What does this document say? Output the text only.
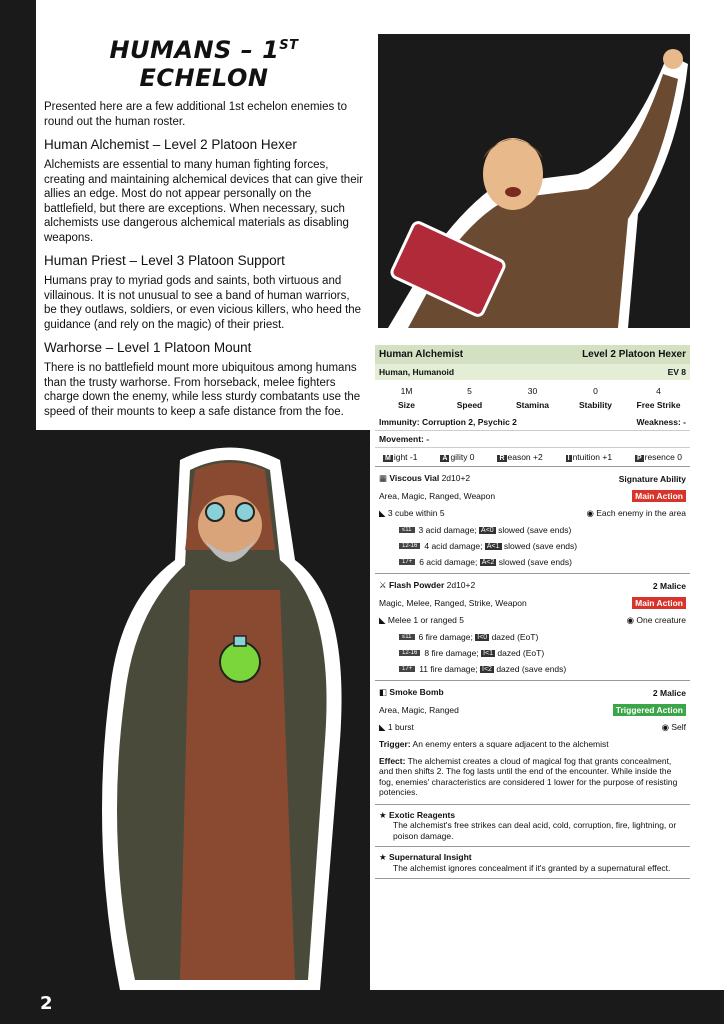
2
HUMANS – 1ST ECHELON

Presented here are a few additional 1st echelon enemies to round out the human roster.

Human Alchemist – Level 2 Platoon Hexer

Alchemists are essential to many human fighting forces, creating and maintaining alchemical devices that can give their allies an edge. Most do not appear personally on the battlefield, but there are exceptions. When necessary, such alchemists use dangerous alchemical materials as disabling weapons.

Human Priest – Level 3 Platoon Support

Humans pray to myriad gods and saints, both virtuous and villainous. It is not unusual to see a band of human warriors, be they outlaws, soldiers, or even vicious killers, who heed the guidance (and rely on the magic) of their priest.

Warhorse – Level 1 Platoon Mount

There is no battlefield mount more ubiquitous among humans than the trusty warhorse. From horseback, melee fighters charge down the enemy, while less sturdy combatants use the speed of their mounts to keep a safe distance from the foe.

Human Alchemist	Level 2 Platoon Hexer
Human, Humanoid	EV 8
1M	5	30	0	4
Size	Speed	Stamina	Stability	Free Strike
Immunity: Corruption 2, Psychic 2	Weakness: -
Movement: -
M ight -1	A gility 0	R eason +2	I ntuition +1	P resence 0
▦ Viscous Vial 2d10+2	Signature Ability
Area, Magic, Ranged, Weapon	Main Action
◣ 3 cube within 5	◉ Each enemy in the area
≤11 3 acid damage;
A<0
slowed (save ends)
12-16 4 acid damage;
A<1
slowed (save ends)
17+ 6 acid damage;
A<2
slowed (save ends)
⚔ Flash Powder 2d10+2	2 Malice
Magic, Melee, Ranged, Strike, Weapon	Main Action
◣ Melee 1 or ranged 5	◉ One creature
≤11 6 fire damage;
I<0
dazed (EoT)
12-16 8 fire damage;
I<1
dazed (EoT)
17+ 11 fire damage;
I<2
dazed (save ends)
◧ Smoke Bomb	2 Malice
Area, Magic, Ranged	Triggered Action
◣ 1 burst	◉ Self
Trigger: An enemy enters a square adjacent to the alchemist
Effect: The alchemist creates a cloud of magical fog that grants concealment, and then shifts 2. The fog lasts until the end of the encounter. While inside the fog, enemies' characteristics are considered 1 lower for the purpose of resisting potencies.
★ Exotic Reagents
The alchemist's free strikes can deal acid, cold, corruption, fire, lightning, or poison damage.
★ Supernatural Insight
The alchemist ignores concealment if it's granted by a supernatural effect.
